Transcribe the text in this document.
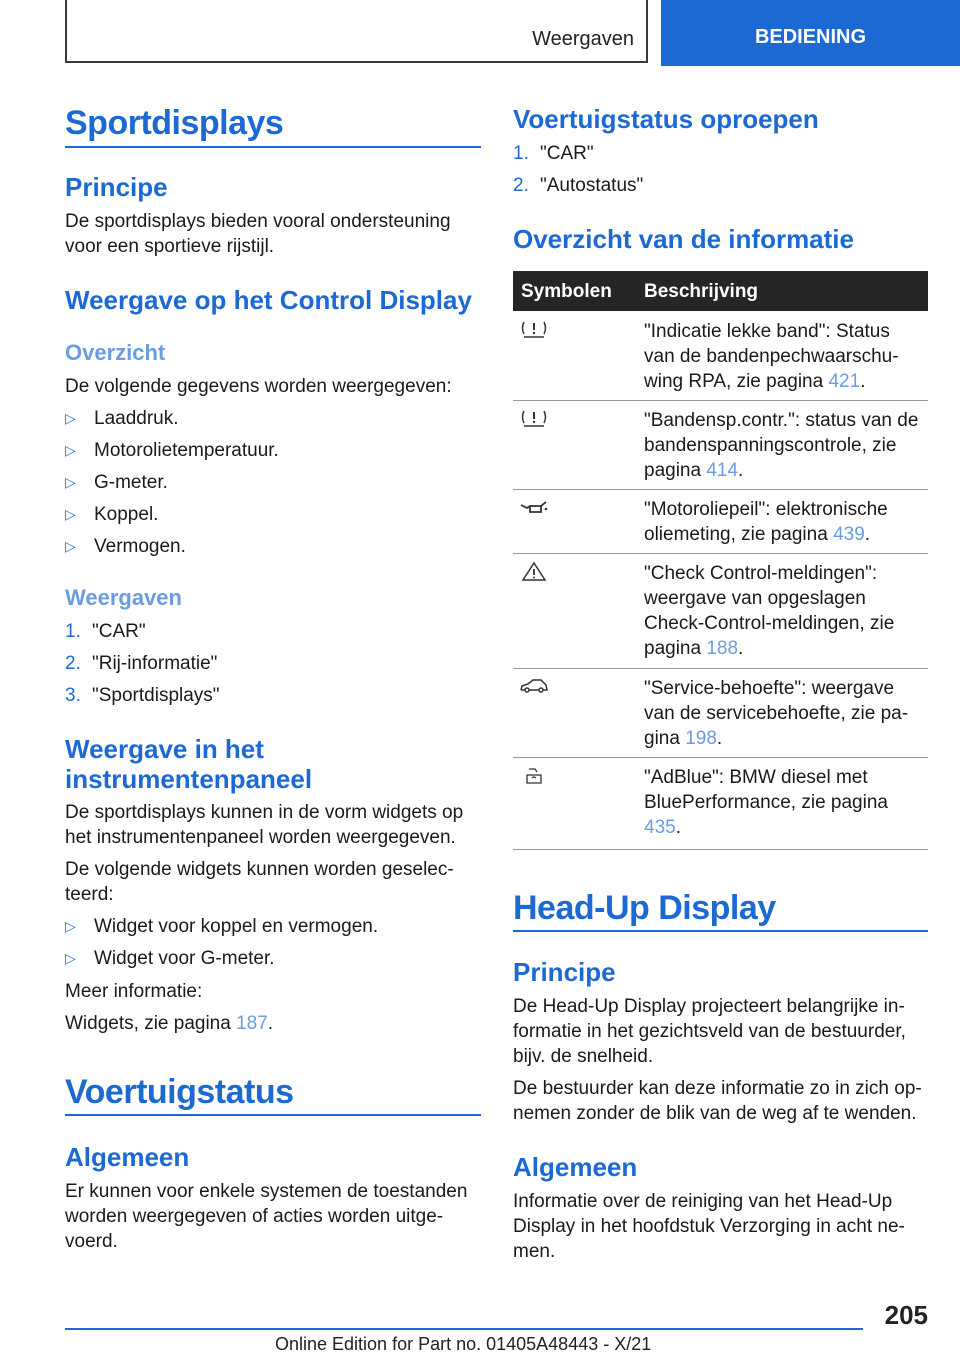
Weergaven	BEDIENING
Sportdisplays
Principe
De sportdisplays bieden vooral ondersteuning voor een sportieve rijstijl.
Weergave op het Control Display
Overzicht
De volgende gegevens worden weergegeven:
▷ Laaddruk.
▷ Motorolietemperatuur.
▷ G-meter.
▷ Koppel.
▷ Vermogen.
Weergaven
1. "CAR"
2. "Rij-informatie"
3. "Sportdisplays"
Weergave in het instrumentenpaneel
De sportdisplays kunnen in de vorm widgets op het instrumentenpaneel worden weergegeven.
De volgende widgets kunnen worden geselecteerd:
▷ Widget voor koppel en vermogen.
▷ Widget voor G-meter.
Meer informatie:
Widgets, zie pagina 187.
Voertuigstatus
Algemeen
Er kunnen voor enkele systemen de toestanden worden weergegeven of acties worden uitgevoerd.
Voertuigstatus oproepen
1. "CAR"
2. "Autostatus"
Overzicht van de informatie
Symbolen Beschrijving
"Indicatie lekke band": Status van de bandenpechwaarschuwing RPA, zie pagina 421.
"Bandensp.contr.": status van de bandenspanningscontrole, zie pagina 414.
"Motoroliepeil": elektronische oliemeting, zie pagina 439.
"Check Control-meldingen": weergave van opgeslagen Check-Control-meldingen, zie pagina 188.
"Service-behoefte": weergave van de servicebehoefte, zie pagina 198.
"AdBlue": BMW diesel met BluePerformance, zie pagina 435.
Head-Up Display
Principe
De Head-Up Display projecteert belangrijke informatie in het gezichtsveld van de bestuurder, bijv. de snelheid.
De bestuurder kan deze informatie zo in zich opnemen zonder de blik van de weg af te wenden.
Algemeen
Informatie over de reiniging van het Head-Up Display in het hoofdstuk Verzorging in acht nemen.
205
Online Edition for Part no. 01405A48443 - X/21
